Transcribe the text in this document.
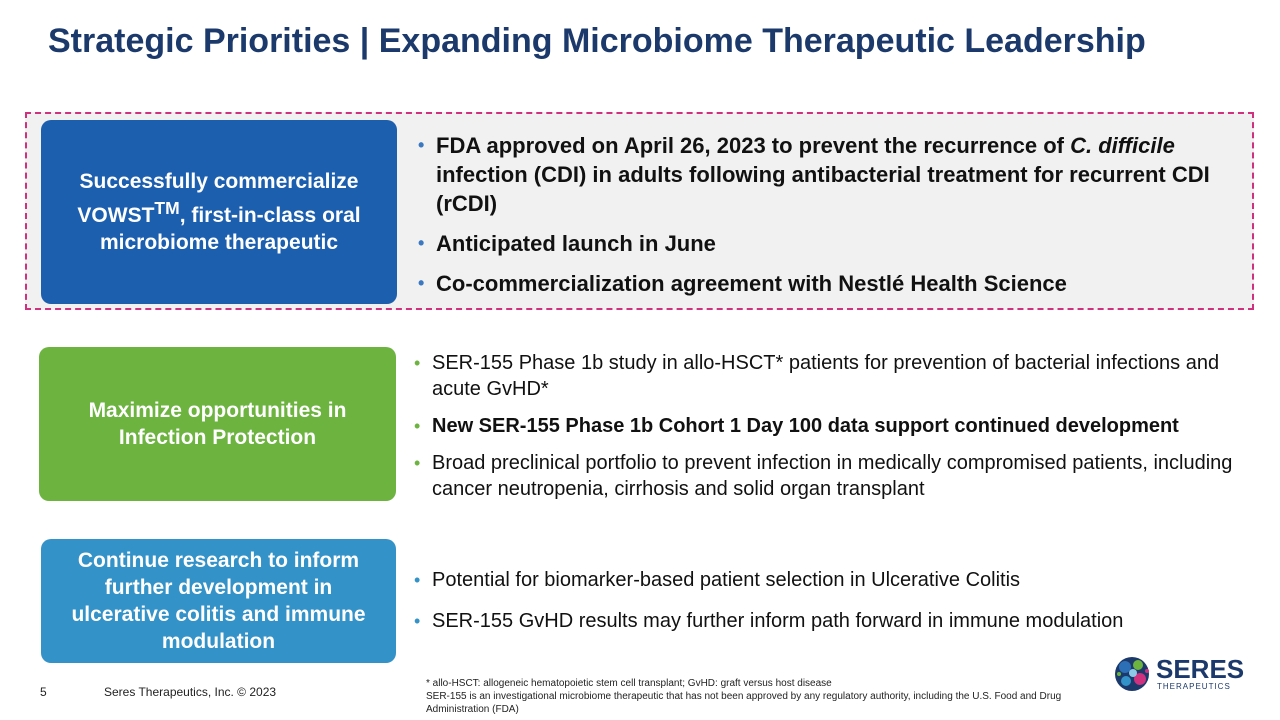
Strategic Priorities | Expanding Microbiome Therapeutic Leadership
Successfully commercialize VOWST™, first-in-class oral microbiome therapeutic
• FDA approved on April 26, 2023 to prevent the recurrence of C. difficile infection (CDI) in adults following antibacterial treatment for recurrent CDI (rCDI)
• Anticipated launch in June
• Co-commercialization agreement with Nestlé Health Science
Maximize opportunities in Infection Protection
• SER-155 Phase 1b study in allo-HSCT* patients for prevention of bacterial infections and acute GvHD*
• New SER-155 Phase 1b Cohort 1 Day 100 data support continued development
• Broad preclinical portfolio to prevent infection in medically compromised patients, including cancer neutropenia, cirrhosis and solid organ transplant
Continue research to inform further development in ulcerative colitis and immune modulation
• Potential for biomarker-based patient selection in Ulcerative Colitis
• SER-155 GvHD results may further inform path forward in immune modulation
5	Seres Therapeutics, Inc. © 2023
* allo-HSCT: allogeneic hematopoietic stem cell transplant; GvHD: graft versus host disease
SER-155 is an investigational microbiome therapeutic that has not been approved by any regulatory authority, including the U.S. Food and Drug Administration (FDA)
SERES
THERAPEUTICS
